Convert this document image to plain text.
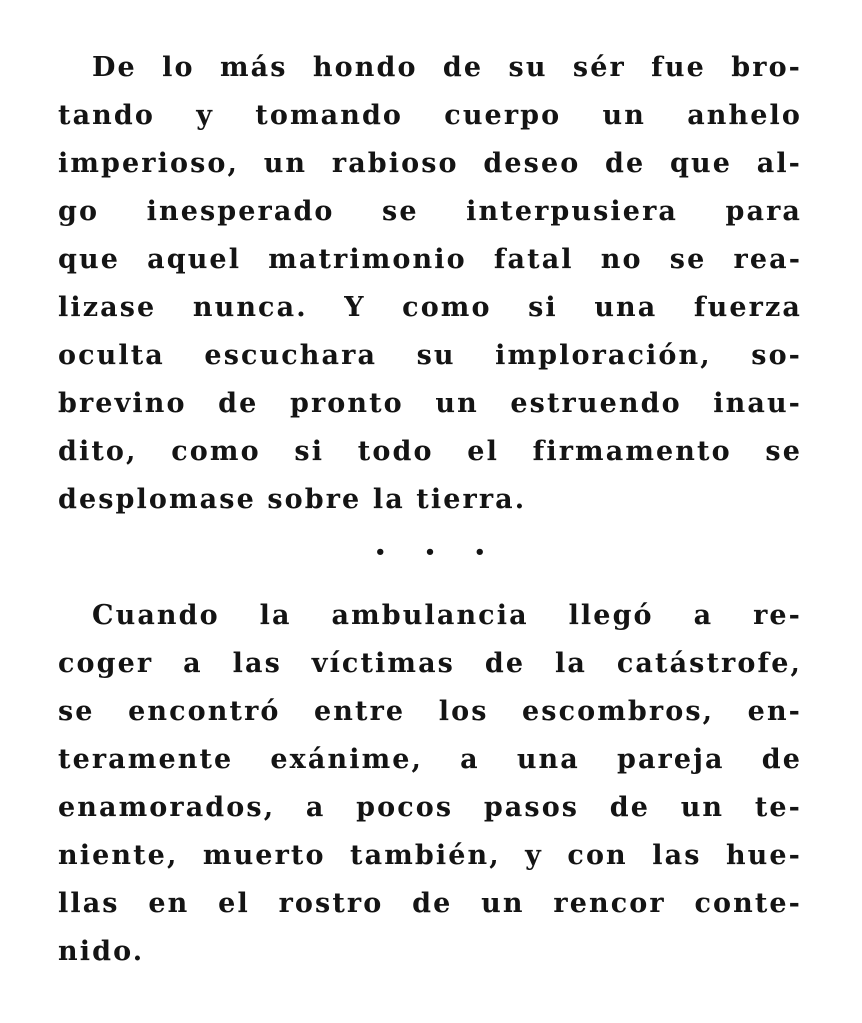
De lo más hondo de su sér fue bro-
tando y tomando cuerpo un anhelo
imperioso, un rabioso deseo de que al-
go inesperado se interpusiera para
que aquel matrimonio fatal no se rea-
lizase nunca. Y como si una fuerza
oculta escuchara su imploración, so-
brevino de pronto un estruendo inau-
dito, como si todo el firmamento se
desplomase sobre la tierra.
• • •
Cuando la ambulancia llegó a re-
coger a las víctimas de la catástrofe,
se encontró entre los escombros, en-
teramente exánime, a una pareja de
enamorados, a pocos pasos de un te-
niente, muerto también, y con las hue-
llas en el rostro de un rencor conte-
nido.
